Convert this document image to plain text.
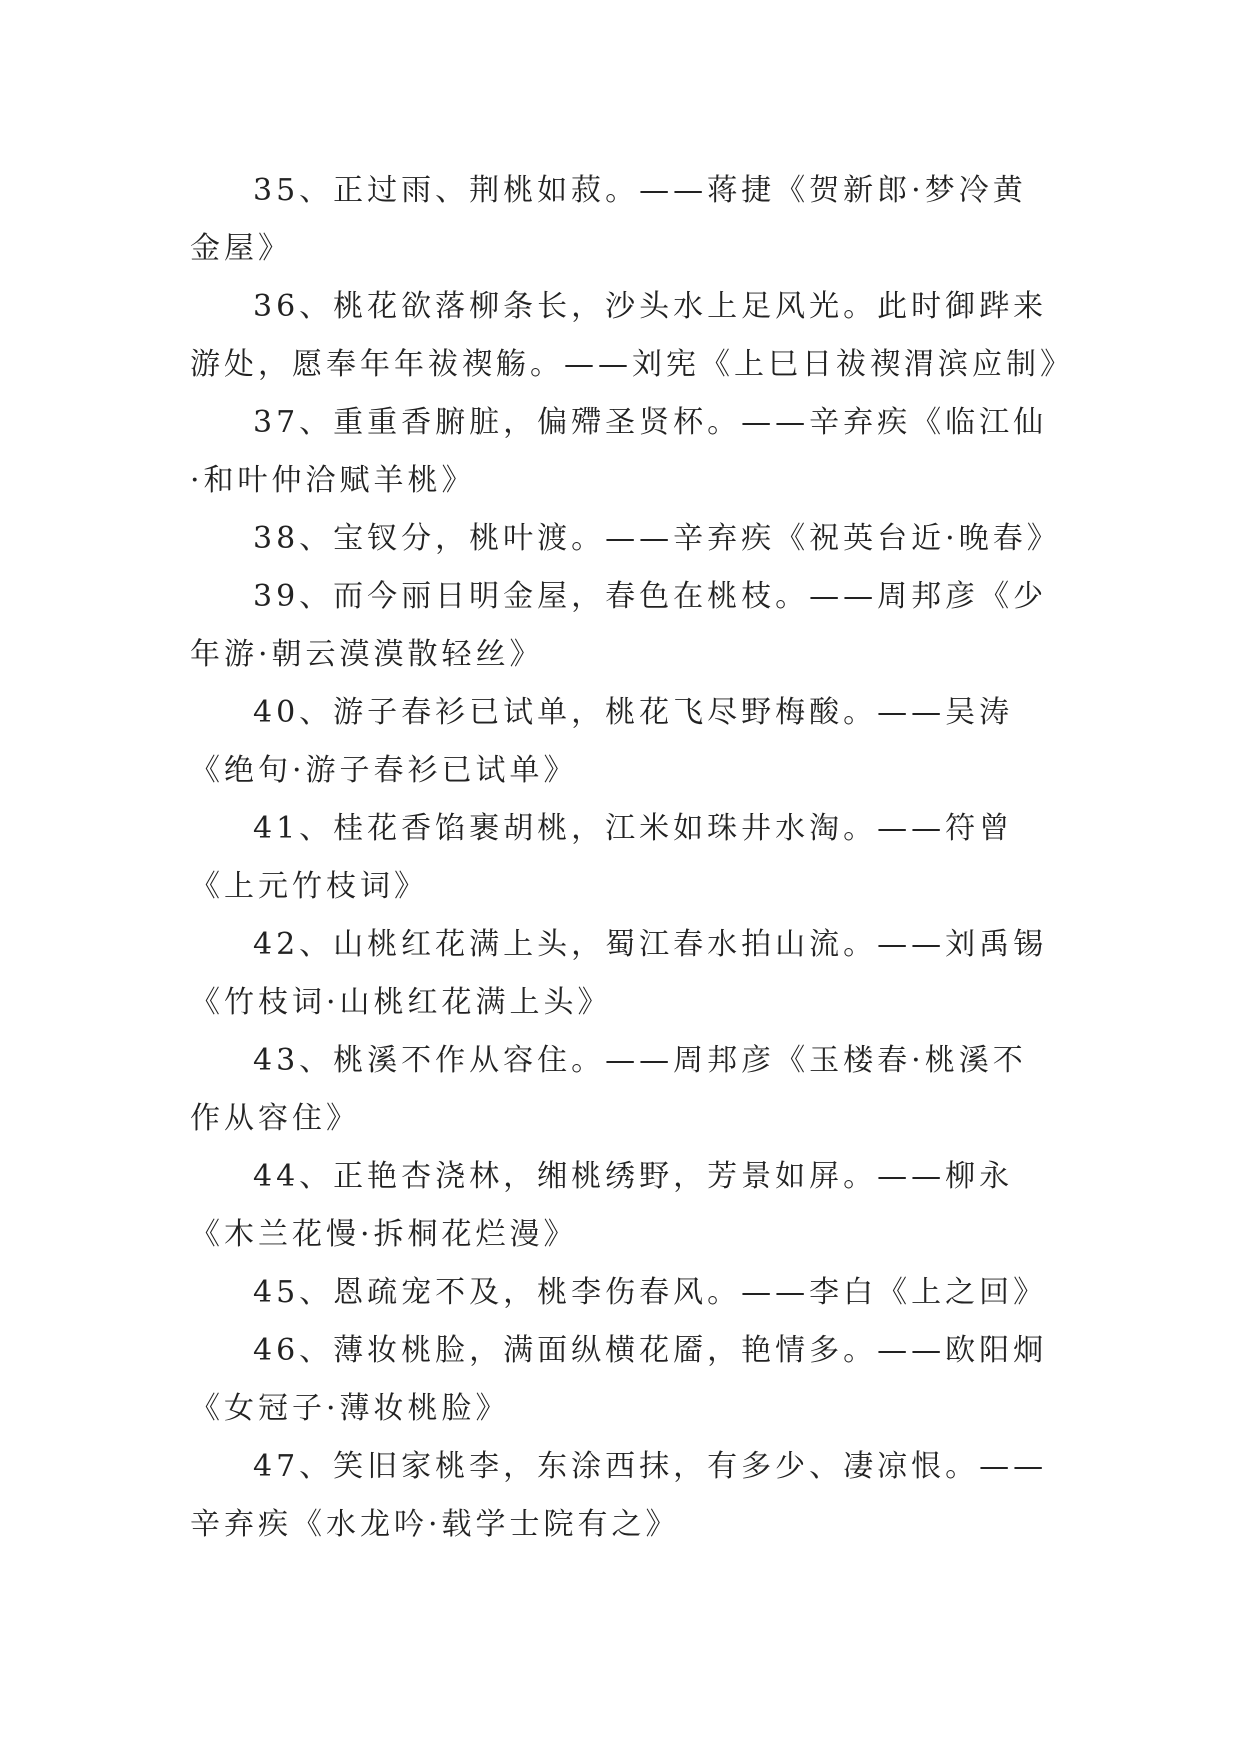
35、正过雨、荆桃如菽。——蒋捷《贺新郎·梦冷黄金屋》

36、桃花欲落柳条长，沙头水上足风光。此时御跸来游处，愿奉年年祓禊觞。——刘宪《上巳日祓禊渭滨应制》

37、重重香腑脏，偏殢圣贤杯。——辛弃疾《临江仙·和叶仲洽赋羊桃》

38、宝钗分，桃叶渡。——辛弃疾《祝英台近·晚春》

39、而今丽日明金屋，春色在桃枝。——周邦彦《少年游·朝云漠漠散轻丝》

40、游子春衫已试单，桃花飞尽野梅酸。——吴涛《绝句·游子春衫已试单》

41、桂花香馅裹胡桃，江米如珠井水淘。——符曾《上元竹枝词》

42、山桃红花满上头，蜀江春水拍山流。——刘禹锡《竹枝词·山桃红花满上头》

43、桃溪不作从容住。——周邦彦《玉楼春·桃溪不作从容住》

44、正艳杏浇林，缃桃绣野，芳景如屏。——柳永《木兰花慢·拆桐花烂漫》

45、恩疏宠不及，桃李伤春风。——李白《上之回》

46、薄妆桃脸，满面纵横花靥，艳情多。——欧阳炯《女冠子·薄妆桃脸》

47、笑旧家桃李，东涂西抹，有多少、凄凉恨。——辛弃疾《水龙吟·载学士院有之》
